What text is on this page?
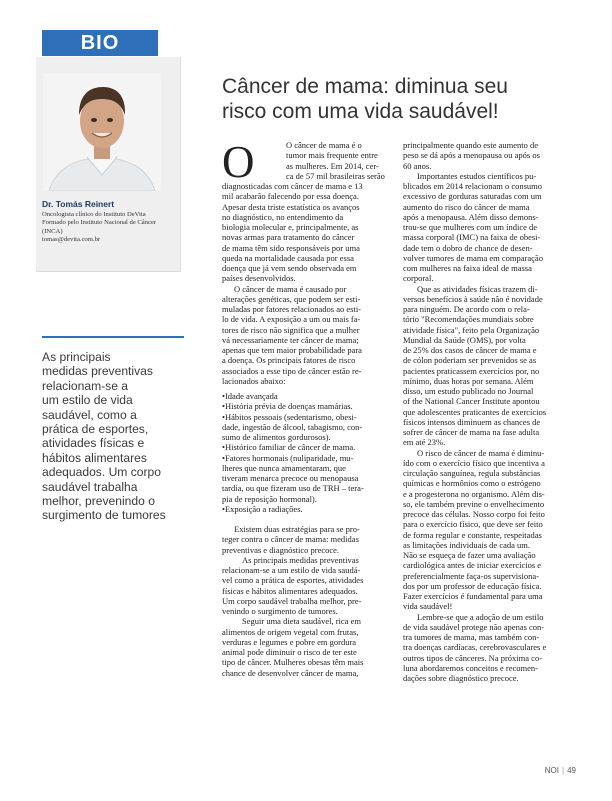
BIO
Dr. Tomás Reinert
Oncologista clínico do Instituto DeVita
Formado pelo Instituto Nacional de Câncer
(INCA)
tomas@devita.com.br
As principais
medidas preventivas
relacionam-se a
um estilo de vida
saudável, como a
prática de esportes,
atividades físicas e
hábitos alimentares
adequados. Um corpo
saudável trabalha
melhor, prevenindo o
surgimento de tumores
Câncer de mama: diminua seu
risco com uma vida saudável!
O	O câncer de mama é o
tumor mais frequente entre
as mulheres. Em 2014, cer-
ca de 57 mil brasileiras serão
diagnosticadas com câncer de mama e 13
mil acabarão falecendo por essa doença.
Apesar desta triste estatística os avanços
no diagnóstico, no entendimento da
biologia molecular e, principalmente, as
novas armas para tratamento do câncer
de mama têm sido responsáveis por uma
queda na mortalidade causada por essa
doença que já vem sendo observada em
países desenvolvidos.
O câncer de mama é causado por
alterações genéticas, que podem ser esti-
muladas por fatores relacionados ao esti-
lo de vida. A exposição a um ou mais fa-
tores de risco não significa que a mulher
vá necessariamente ter câncer de mama;
apenas que tem maior probabilidade para
a doença. Os principais fatores de risco
associados a esse tipo de câncer estão re-
lacionados abaixo:
•Idade avançada
•História prévia de doenças mamárias.
•Hábitos pessoais (sedentarismo, obesi-
dade, ingestão de álcool, tabagismo, con-
sumo de alimentos gordurosos).
•Histórico familiar de câncer de mama.
•Fatores hormonais (nuliparidade, mu-
lheres que nunca amamentaram, que
tiveram menarca precoce ou menopausa
tardia, ou que fizeram uso de TRH – tera-
pia de reposição hormonal).
•Exposição a radiações.
Existem duas estratégias para se pro-
teger contra o câncer de mama: medidas
preventivas e diagnóstico precoce.
As principais medidas preventivas
relacionam-se a um estilo de vida saudá-
vel como a prática de esportes, atividades
físicas e hábitos alimentares adequados.
Um corpo saudável trabalha melhor, pre-
venindo o surgimento de tumores.
Seguir uma dieta saudável, rica em
alimentos de origem vegetal com frutas,
verduras e legumes e pobre em gordura
animal pode diminuir o risco de ter este
tipo de câncer. Mulheres obesas têm mais
chance de desenvolver câncer de mama,
principalmente quando este aumento de
peso se dá após a menopausa ou após os
60 anos.
Importantes estudos científicos pu-
blicados em 2014 relacionam o consumo
excessivo de gorduras saturadas com um
aumento do risco do câncer de mama
após a menopausa. Além disso demons-
trou-se que mulheres com um índice de
massa corporal (IMC) na faixa de obesi-
dade tem o dobro de chance de desen-
volver tumores de mama em comparação
com mulheres na faixa ideal de massa
corporal.
Que as atividades físicas trazem di-
versos benefícios à saúde não é novidade
para ninguém. De acordo com o rela-
tório "Recomendações mundiais sobre
atividade física", feito pela Organização
Mundial da Saúde (OMS), por volta
de 25% dos casos de câncer de mama e
de cólon poderiam ser prevenidos se as
pacientes praticassem exercícios por, no
mínimo, duas horas por semana. Além
disso, um estudo publicado no Journal
of the National Cancer Institute apontou
que adolescentes praticantes de exercícios
físicos intensos diminuem as chances de
sofrer de câncer de mama na fase adulta
em até 23%.
O risco de câncer de mama é diminu-
ído com o exercício físico que incentiva a
circulação sanguínea, regula substâncias
químicas e hormônios como o estrógeno
e a progesterona no organismo. Além dis-
so, ele também previne o envelhecimento
precoce das células. Nosso corpo foi feito
para o exercício físico, que deve ser feito
de forma regular e constante, respeitadas
as limitações individuais de cada um.
Não se esqueça de fazer uma avaliação
cardiológica antes de iniciar exercícios e
preferencialmente faça-os supervisiona-
dos por um professor de educação física.
Fazer exercícios é fundamental para uma
vida saudável!
Lembre-se que a adoção de um estilo
de vida saudável protege não apenas con-
tra tumores de mama, mas também con-
tra doenças cardíacas, cerebrovasculares e
outros tipos de cânceres. Na próxima co-
luna abordaremos conceitos e recomen-
dações sobre diagnóstico precoce.
NOI | 49
